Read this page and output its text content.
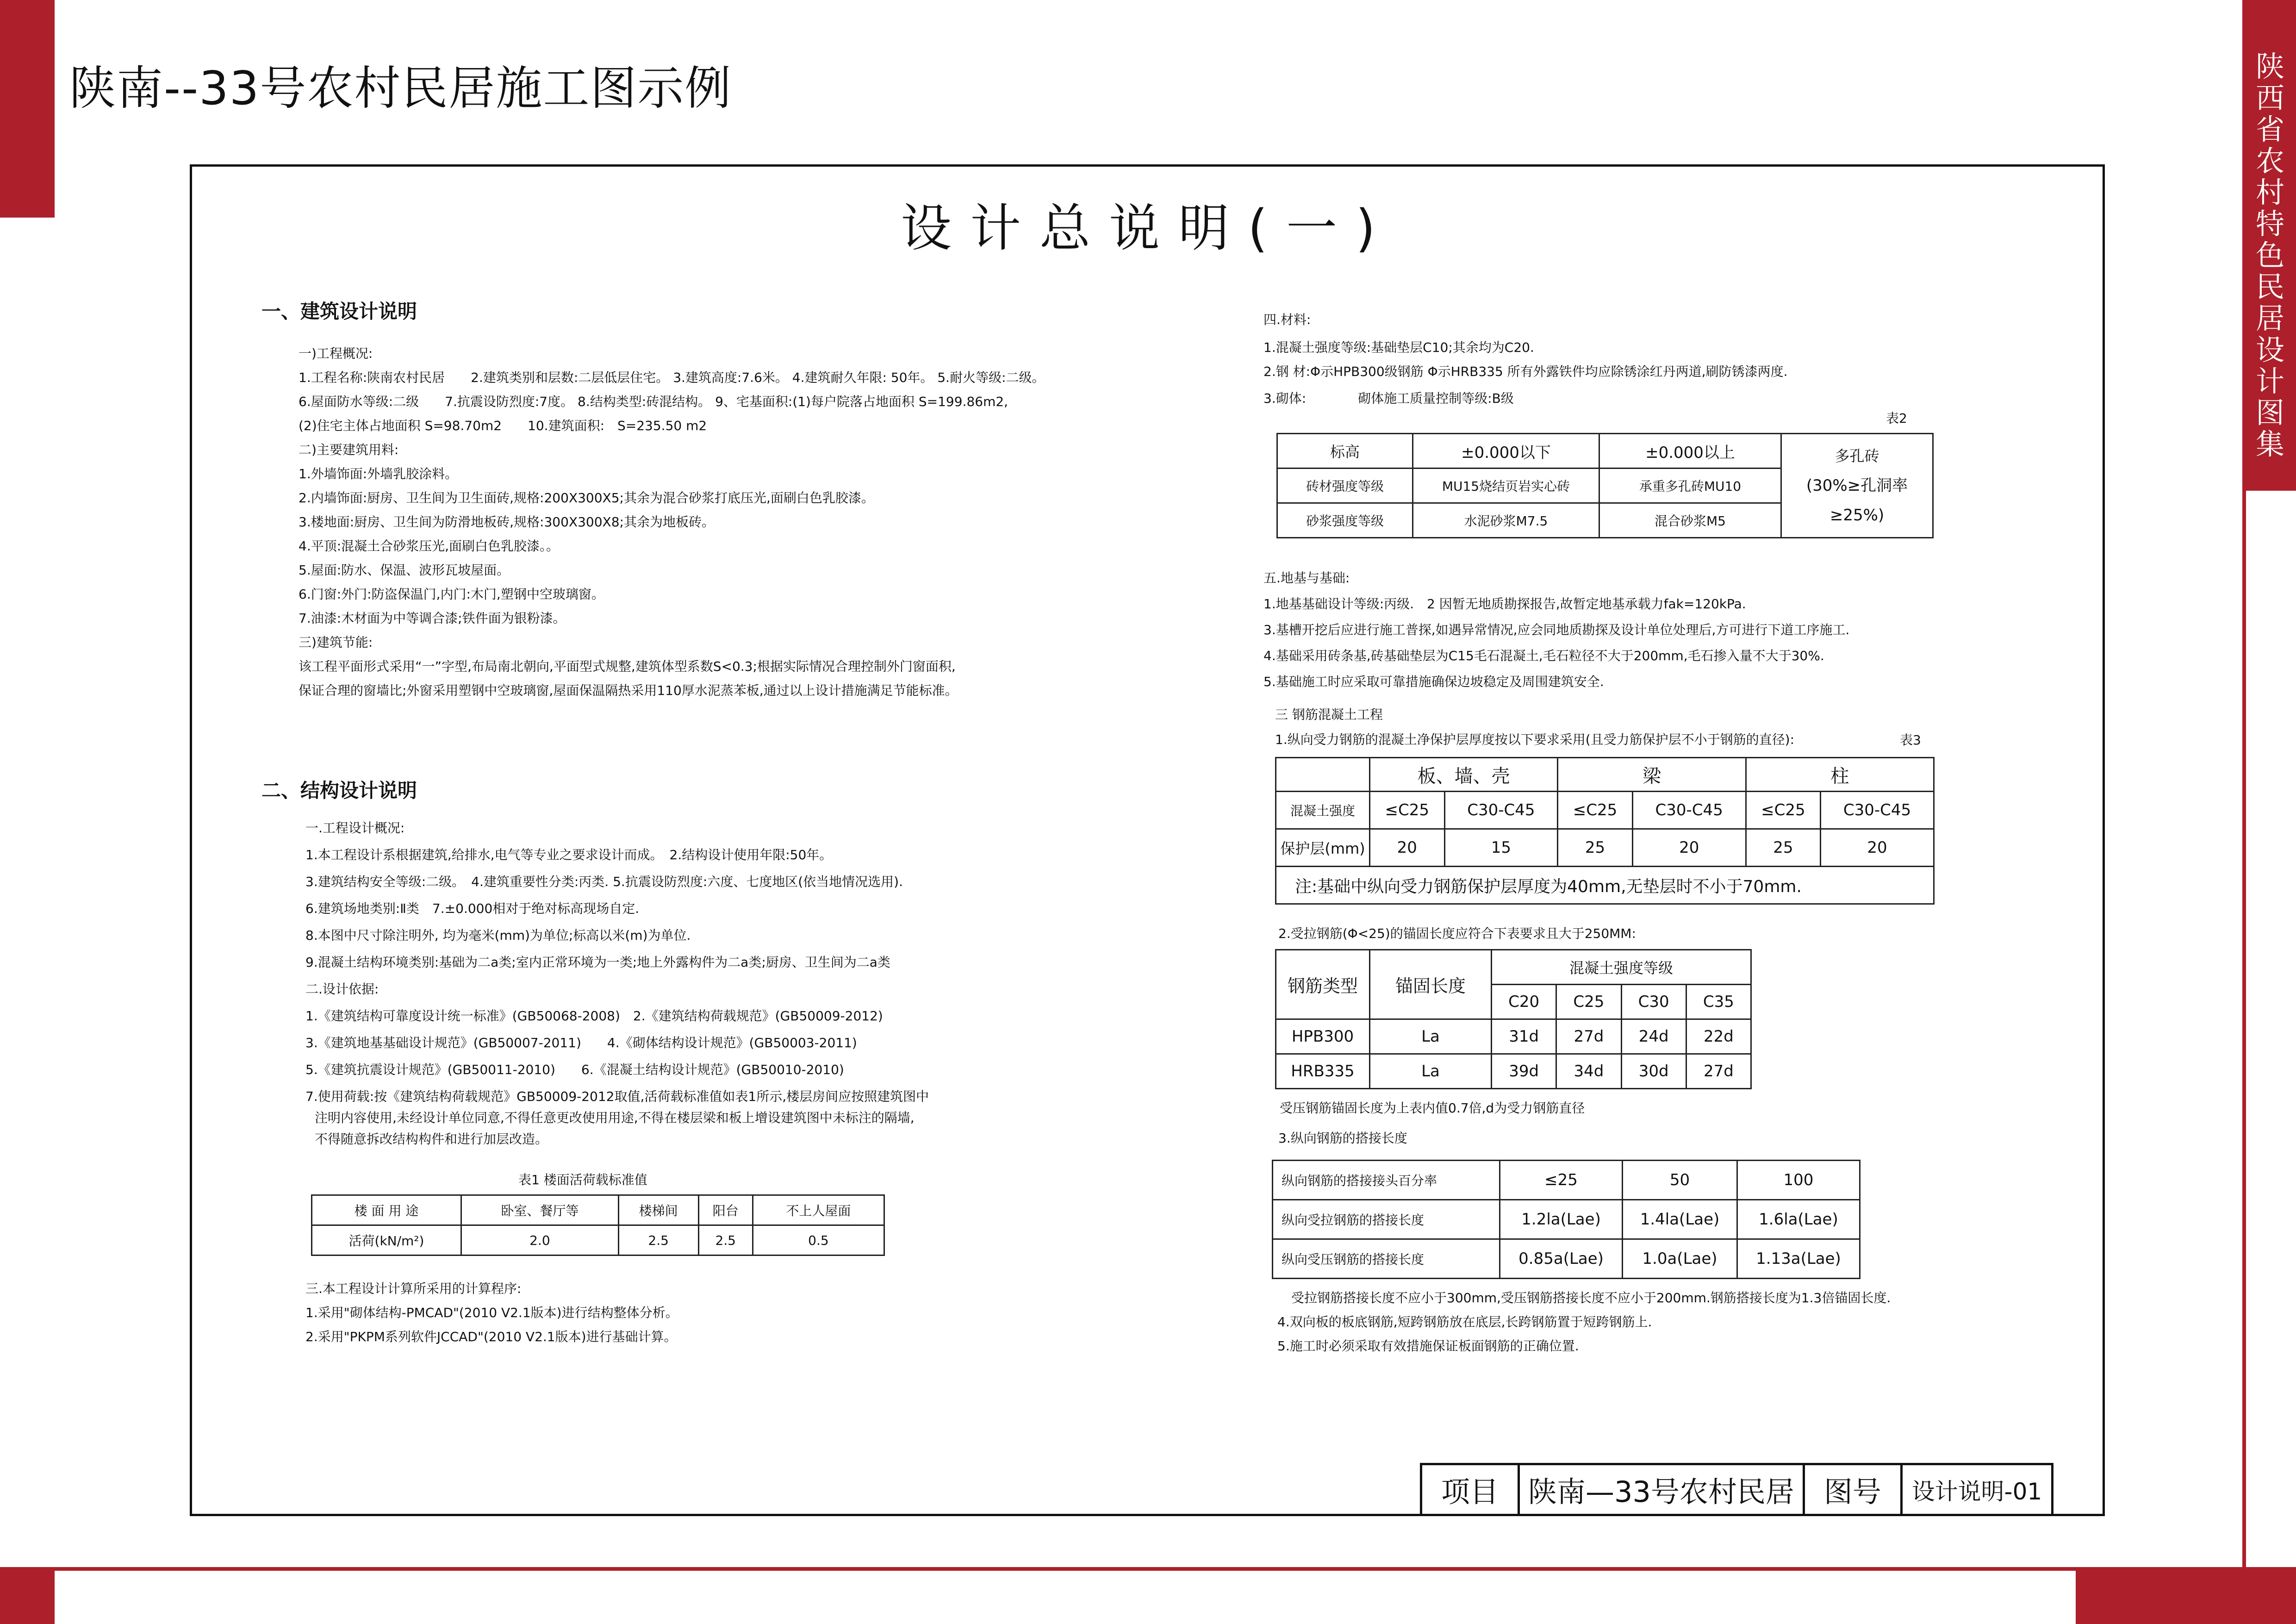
陕南--33号农村民居施工图示例	陕西省农村特色民居设计图集
设计总说明(一)
一、建筑设计说明
一)工程概况:
1.工程名称:陕南农村民居　　2.建筑类别和层数:二层低层住宅。 3.建筑高度:7.6米。 4.建筑耐久年限: 50年。 5.耐火等级:二级。
6.屋面防水等级:二级　　7.抗震设防烈度:7度。 8.结构类型:砖混结构。 9、宅基面积:(1)每户院落占地面积 S=199.86m2,
(2)住宅主体占地面积 S=98.70m2　　10.建筑面积:　S=235.50 m2
二)主要建筑用料:
1.外墙饰面:外墙乳胶涂料。
2.内墙饰面:厨房、卫生间为卫生面砖,规格:200X300X5;其余为混合砂浆打底压光,面刷白色乳胶漆。
3.楼地面:厨房、卫生间为防滑地板砖,规格:300X300X8;其余为地板砖。
4.平顶:混凝土合砂浆压光,面刷白色乳胶漆。。
5.屋面:防水、保温、波形瓦坡屋面。
6.门窗:外门:防盗保温门,内门:木门,塑钢中空玻璃窗。
7.油漆:木材面为中等调合漆;铁件面为银粉漆。
三)建筑节能:
该工程平面形式采用“一”字型,布局南北朝向,平面型式规整,建筑体型系数S<0.3;根据实际情况合理控制外门窗面积,
保证合理的窗墙比;外窗采用塑钢中空玻璃窗,屋面保温隔热采用110厚水泥蒸苯板,通过以上设计措施满足节能标准。
二、结构设计说明
一.工程设计概况:
1.本工程设计系根据建筑,给排水,电气等专业之要求设计而成。　2.结构设计使用年限:50年。
3.建筑结构安全等级:二级。　4.建筑重要性分类:丙类. 5.抗震设防烈度:六度、七度地区(依当地情况选用).
6.建筑场地类别:Ⅱ类　7.±0.000相对于绝对标高现场自定.
8.本图中尺寸除注明外, 均为毫米(mm)为单位;标高以米(m)为单位.
9.混凝土结构环境类别:基础为二a类;室内正常环境为一类;地上外露构件为二a类;厨房、卫生间为二a类
二.设计依据:
1.《建筑结构可靠度设计统一标准》(GB50068-2008)　2.《建筑结构荷载规范》(GB50009-2012)
3.《建筑地基基础设计规范》(GB50007-2011)　　4.《砌体结构设计规范》(GB50003-2011)
5.《建筑抗震设计规范》(GB50011-2010)　　6.《混凝土结构设计规范》(GB50010-2010)
7.使用荷载:按《建筑结构荷载规范》GB50009-2012取值,活荷载标准值如表1所示,楼层房间应按照建筑图中
注明内容使用,未经设计单位同意,不得任意更改使用用途,不得在楼层梁和板上增设建筑图中未标注的隔墙,
不得随意拆改结构构件和进行加层改造。
表1 楼面活荷载标准值
楼 面 用 途	卧室、餐厅等	楼梯间	阳台	不上人屋面
活荷(kN/m²)	2.0	2.5	2.5	0.5
三.本工程设计计算所采用的计算程序:
1.采用"砌体结构-PMCAD"(2010 V2.1版本)进行结构整体分析。
2.采用"PKPM系列软件JCCAD"(2010 V2.1版本)进行基础计算。
四.材料:
1.混凝土强度等级:基础垫层C10;其余均为C20.
2.钢 材:Φ示HPB300级钢筋 Φ示HRB335 所有外露铁件均应除锈涂红丹两道,刷防锈漆两度.
3.砌体:　　　　砌体施工质量控制等级:B级
表2
标高	±0.000以下	±0.000以上	多孔砖
(30%≥孔洞率≥25%)

砖材强度等级	MU15烧结页岩实心砖	承重多孔砖MU10	
砂浆强度等级	水泥砂浆M7.5	混合砂浆M5	
五.地基与基础:
1.地基基础设计等级:丙级.　2 因暂无地质勘探报告,故暂定地基承载力fak=120kPa.
3.基槽开挖后应进行施工普探,如遇异常情况,应会同地质勘探及设计单位处理后,方可进行下道工序施工.
4.基础采用砖条基,砖基础垫层为C15毛石混凝土,毛石粒径不大于200mm,毛石掺入量不大于30%.
5.基础施工时应采取可靠措施确保边坡稳定及周围建筑安全.
三 钢筋混凝土工程
1.纵向受力钢筋的混凝土净保护层厚度按以下要求采用(且受力筋保护层不小于钢筋的直径):	表3
	板、墙、壳		梁		柱	
混凝土强度	≤C25	C30-C45	≤C25	C30-C45	≤C25	C30-C45
保护层(mm)	20	15	25	20	25	20
注:基础中纵向受力钢筋保护层厚度为40mm,无垫层时不小于70mm.						
2.受拉钢筋(Φ<25)的锚固长度应符合下表要求且大于250MM:
钢筋类型	锚固长度	混凝土强度等级			
		C20	C25	C30	C35
HPB300	La	31d	27d	24d	22d
HRB335	La	39d	34d	30d	27d
受压钢筋锚固长度为上表内值0.7倍,d为受力钢筋直径
3.纵向钢筋的搭接长度
纵向钢筋的搭接接头百分率	≤25	50	100
纵向受拉钢筋的搭接长度	1.2la(Lae)	1.4la(Lae)	1.6la(Lae)
纵向受压钢筋的搭接长度	0.85a(Lae)	1.0a(Lae)	1.13a(Lae)
受拉钢筋搭接长度不应小于300mm,受压钢筋搭接长度不应小于200mm.钢筋搭接长度为1.3倍锚固长度.
4.双向板的板底钢筋,短跨钢筋放在底层,长跨钢筋置于短跨钢筋上.
5.施工时必须采取有效措施保证板面钢筋的正确位置.
项目	陕南—33号农村民居	图号	设计说明-01
